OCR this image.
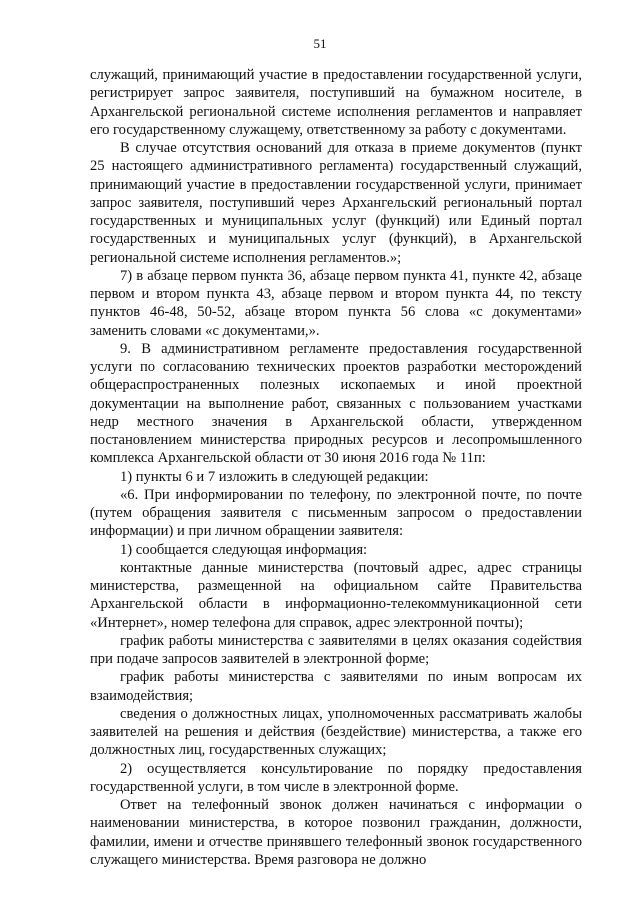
51

служащий, принимающий участие в предоставлении государственной услуги, регистрирует запрос заявителя, поступивший на бумажном носителе, в Архангельской региональной системе исполнения регламентов и направляет его государственному служащему, ответственному за работу с документами.

В случае отсутствия оснований для отказа в приеме документов (пункт 25 настоящего административного регламента) государственный служащий, принимающий участие в предоставлении государственной услуги, принимает запрос заявителя, поступивший через Архангельский региональный портал государственных и муниципальных услуг (функций) или Единый портал государственных и муниципальных услуг (функций), в Архангельской региональной системе исполнения регламентов.»;

7) в абзаце первом пункта 36, абзаце первом пункта 41, пункте 42, абзаце первом и втором пункта 43, абзаце первом и втором пункта 44, по тексту пунктов 46-48, 50-52, абзаце втором пункта 56 слова «с документами» заменить словами «с документами,».

9. В административном регламенте предоставления государственной услуги по согласованию технических проектов разработки месторождений общераспространенных полезных ископаемых и иной проектной документации на выполнение работ, связанных с пользованием участками недр местного значения в Архангельской области, утвержденном постановлением министерства природных ресурсов и лесопромышленного комплекса Архангельской области от 30 июня 2016 года № 11п:

1) пункты 6 и 7 изложить в следующей редакции:

«6. При информировании по телефону, по электронной почте, по почте (путем обращения заявителя с письменным запросом о предоставлении информации) и при личном обращении заявителя:

1) сообщается следующая информация:

контактные данные министерства (почтовый адрес, адрес страницы министерства, размещенной на официальном сайте Правительства Архангельской области в информационно-телекоммуникационной сети «Интернет», номер телефона для справок, адрес электронной почты);

график работы министерства с заявителями в целях оказания содействия при подаче запросов заявителей в электронной форме;

график работы министерства с заявителями по иным вопросам их взаимодействия;

сведения о должностных лицах, уполномоченных рассматривать жалобы заявителей на решения и действия (бездействие) министерства, а также его должностных лиц, государственных служащих;

2) осуществляется консультирование по порядку предоставления государственной услуги, в том числе в электронной форме.

Ответ на телефонный звонок должен начинаться с информации о наименовании министерства, в которое позвонил гражданин, должности, фамилии, имени и отчестве принявшего телефонный звонок государственного служащего министерства. Время разговора не должно
